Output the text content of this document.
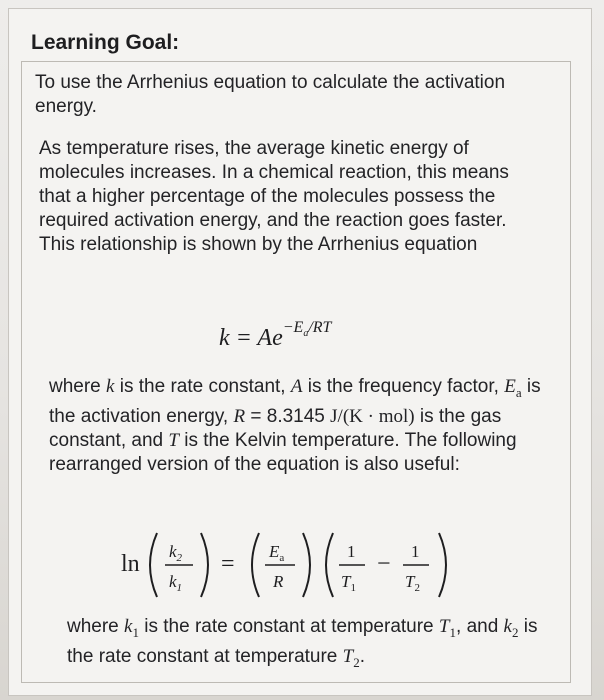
Learning Goal:
To use the Arrhenius equation to calculate the activation energy.
As temperature rises, the average kinetic energy of molecules increases. In a chemical reaction, this means that a higher percentage of the molecules possess the required activation energy, and the reaction goes faster. This relationship is shown by the Arrhenius equation
$k = Ae^{-E_a/RT}$
where k is the rate constant, A is the frequency factor, $E_a$ is the activation energy, R = 8.3145 J/(K · mol) is the gas constant, and T is the Kelvin temperature. The following rearranged version of the equation is also useful:
$\ln k_2$
$k_1$
= $E_a$
R
1
$T_1$
− 1
$T_2$
where $k_1$ is the rate constant at temperature $T_1$, and $k_2$ is the rate constant at temperature $T_2$.
